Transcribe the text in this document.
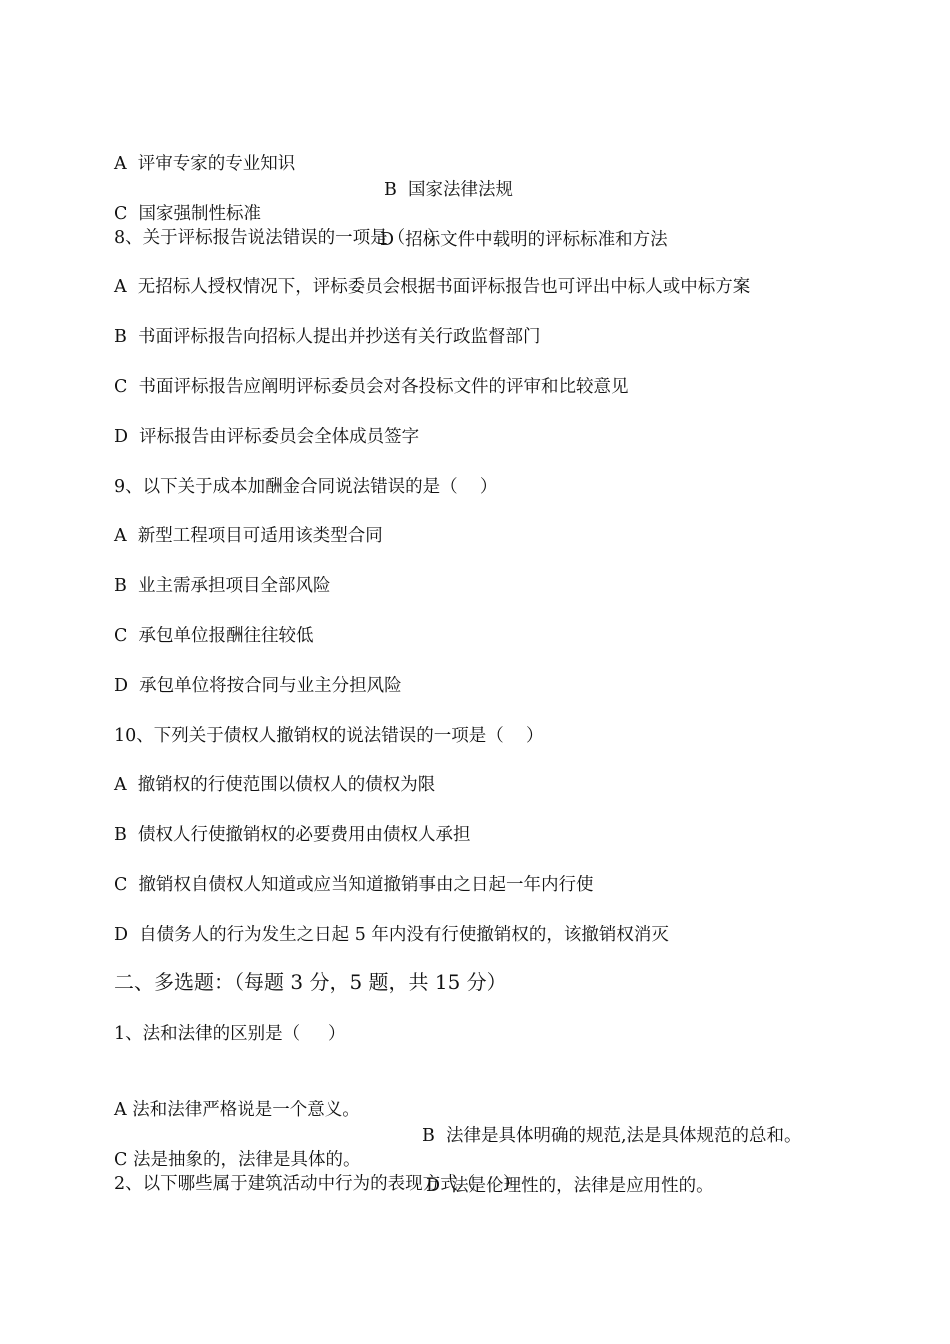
A  评审专家的专业知识

B  国家法律法规

C  国家强制性标准

D  招标文件中载明的评标标准和方法

8、关于评标报告说法错误的一项是（    ）

A  无招标人授权情况下，评标委员会根据书面评标报告也可评出中标人或中标方案

B  书面评标报告向招标人提出并抄送有关行政监督部门

C  书面评标报告应阐明评标委员会对各投标文件的评审和比较意见

D  评标报告由评标委员会全体成员签字

9、以下关于成本加酬金合同说法错误的是（    ）

A  新型工程项目可适用该类型合同

B  业主需承担项目全部风险

C  承包单位报酬往往较低

D  承包单位将按合同与业主分担风险

10、下列关于债权人撤销权的说法错误的一项是（    ）

A  撤销权的行使范围以债权人的债权为限

B  债权人行使撤销权的必要费用由债权人承担

C  撤销权自债权人知道或应当知道撤销事由之日起一年内行使

D  自债务人的行为发生之日起 5 年内没有行使撤销权的，该撤销权消灭

二、多选题：（每题 3 分，5 题，共 15 分）

1、法和法律的区别是（     ）

A 法和法律严格说是一个意义。

B  法律是具体明确的规范,法是具体规范的总和。

C 法是抽象的，法律是具体的。

D  法是伦理性的，法律是应用性的。

2、以下哪些属于建筑活动中行为的表现方式（     ）
